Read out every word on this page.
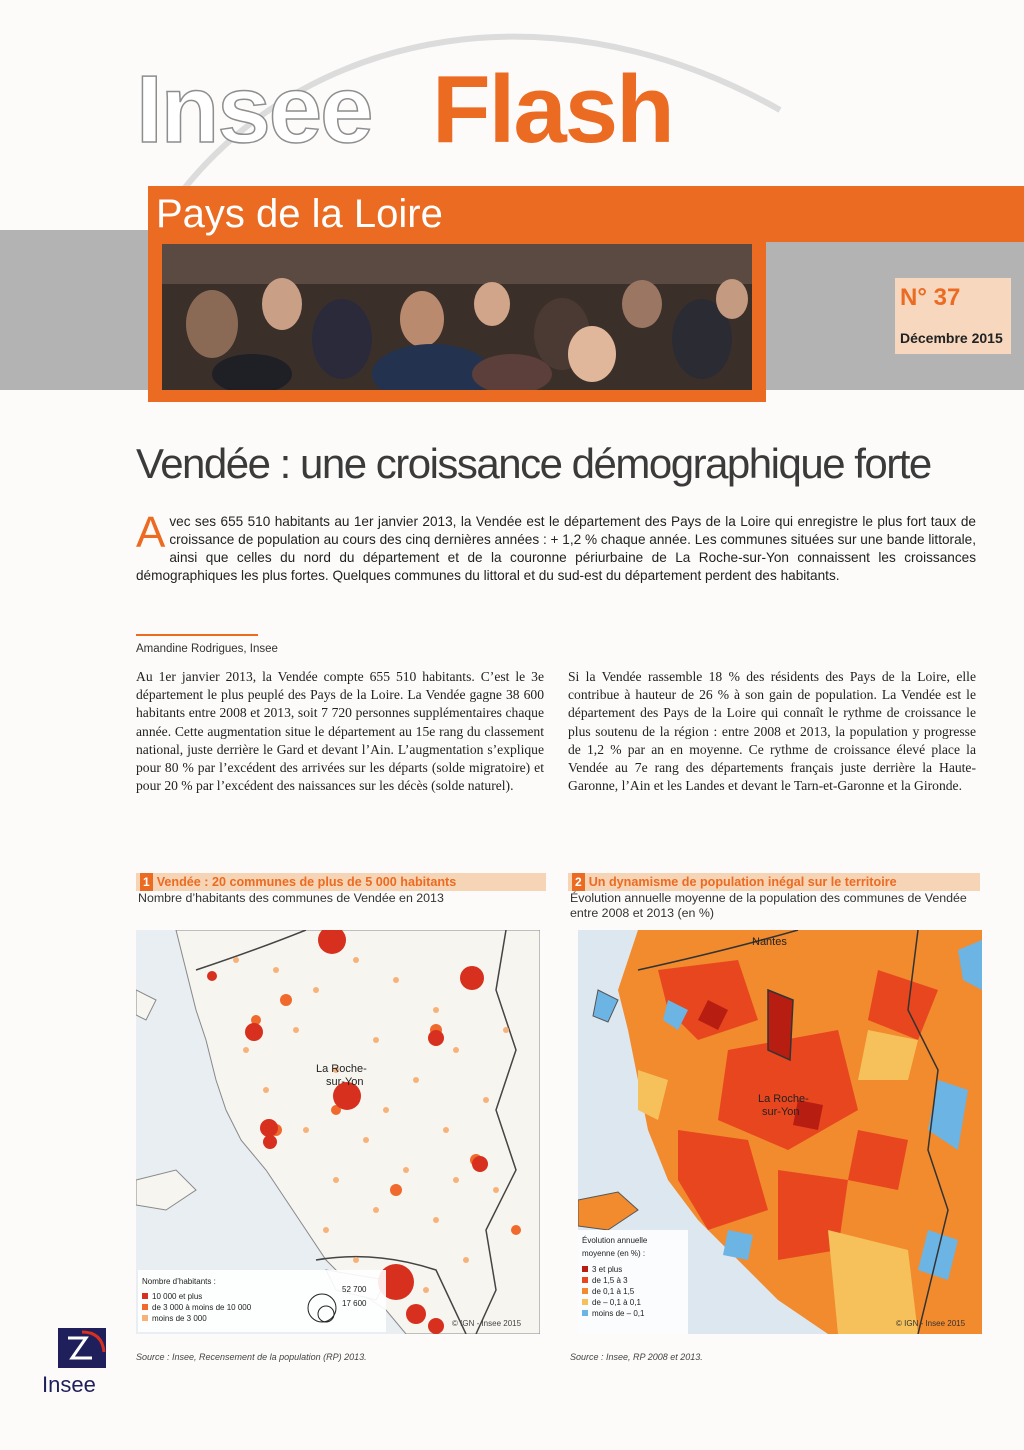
Insee Flash
Pays de la Loire
N° 37
Décembre 2015
Vendée : une croissance démographique forte
Avec ses 655 510 habitants au 1er janvier 2013, la Vendée est le département des Pays de la Loire qui enregistre le plus fort taux de croissance de population au cours des cinq dernières années : + 1,2 % chaque année. Les communes situées sur une bande littorale, ainsi que celles du nord du département et de la couronne périurbaine de La Roche-sur-Yon connaissent les croissances démographiques les plus fortes. Quelques communes du littoral et du sud-est du département perdent des habitants.
Amandine Rodrigues, Insee
Au 1er janvier 2013, la Vendée compte 655 510 habitants. C’est le 3e département le plus peuplé des Pays de la Loire. La Vendée gagne 38 600 habitants entre 2008 et 2013, soit 7 720 personnes supplémentaires chaque année. Cette augmentation situe le département au 15e rang du classement national, juste derrière le Gard et devant l’Ain. L’augmentation s’explique pour 80 % par l’excédent des arrivées sur les départs (solde migratoire) et pour 20 % par l’excédent des naissances sur les décès (solde naturel).
Si la Vendée rassemble 18 % des résidents des Pays de la Loire, elle contribue à hauteur de 26 % à son gain de population. La Vendée est le département des Pays de la Loire qui connaît le rythme de croissance le plus soutenu de la région : entre 2008 et 2013, la population y progresse de 1,2 % par an en moyenne. Ce rythme de croissance élevé place la Vendée au 7e rang des départements français juste derrière la Haute-Garonne, l’Ain et les Landes et devant le Tarn-et-Garonne et la Gironde.
1 Vendée : 20 communes de plus de 5 000 habitants
Nombre d’habitants des communes de Vendée en 2013
La Roche-
sur-Yon
Nombre d’habitants :
10 000 et plus
de 3 000 à moins de 10 000
moins de 3 000
52 700
17 600
© IGN - Insee 2015
Source : Insee, Recensement de la population (RP) 2013.
2 Un dynamisme de population inégal sur le territoire
Évolution annuelle moyenne de la population des communes de Vendée entre 2008 et 2013 (en %)
Nantes
La Roche-
sur-Yon
Évolution annuelle
moyenne (en %) :
3 et plus
de 1,5 à 3
de 0,1 à 1,5
de – 0,1 à 0,1
moins de – 0,1
© IGN - Insee 2015
Source : Insee, RP 2008 et 2013.
Insee
